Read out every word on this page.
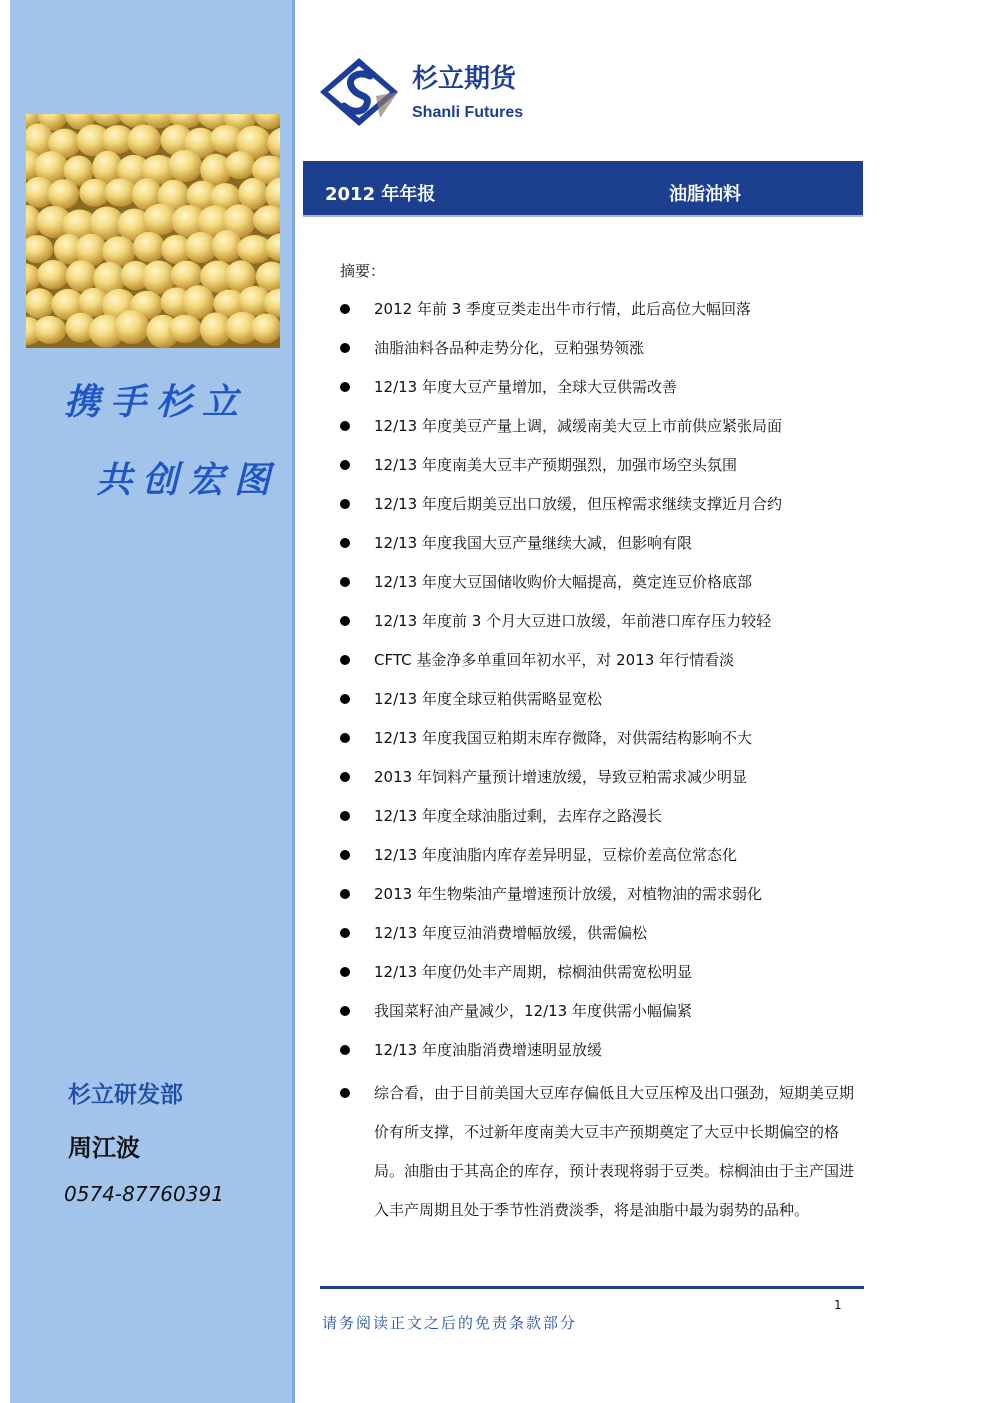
携手杉立
共创宏图
杉立研发部
周江波
0574-87760391
杉立期货
Shanli Futures
2012 年年报	油脂油料
摘要：
2012 年前 3 季度豆类走出牛市行情，此后高位大幅回落
油脂油料各品种走势分化，豆粕强势领涨
12/13 年度大豆产量增加，全球大豆供需改善
12/13 年度美豆产量上调，减缓南美大豆上市前供应紧张局面
12/13 年度南美大豆丰产预期强烈，加强市场空头氛围
12/13 年度后期美豆出口放缓，但压榨需求继续支撑近月合约
12/13 年度我国大豆产量继续大减，但影响有限
12/13 年度大豆国储收购价大幅提高，奠定连豆价格底部
12/13 年度前 3 个月大豆进口放缓，年前港口库存压力较轻
CFTC 基金净多单重回年初水平，对 2013 年行情看淡
12/13 年度全球豆粕供需略显宽松
12/13 年度我国豆粕期末库存微降，对供需结构影响不大
2013 年饲料产量预计增速放缓，导致豆粕需求减少明显
12/13 年度全球油脂过剩，去库存之路漫长
12/13 年度油脂内库存差异明显，豆棕价差高位常态化
2013 年生物柴油产量增速预计放缓，对植物油的需求弱化
12/13 年度豆油消费增幅放缓，供需偏松
12/13 年度仍处丰产周期，棕榈油供需宽松明显
我国菜籽油产量减少，12/13 年度供需小幅偏紧
12/13 年度油脂消费增速明显放缓
综合看，由于目前美国大豆库存偏低且大豆压榨及出口强劲，短期美豆期价有所支撑，不过新年度南美大豆丰产预期奠定了大豆中长期偏空的格局。油脂由于其高企的库存，预计表现将弱于豆类。棕榈油由于主产国进入丰产周期且处于季节性消费淡季，将是油脂中最为弱势的品种。
1
请务阅读正文之后的免责条款部分
